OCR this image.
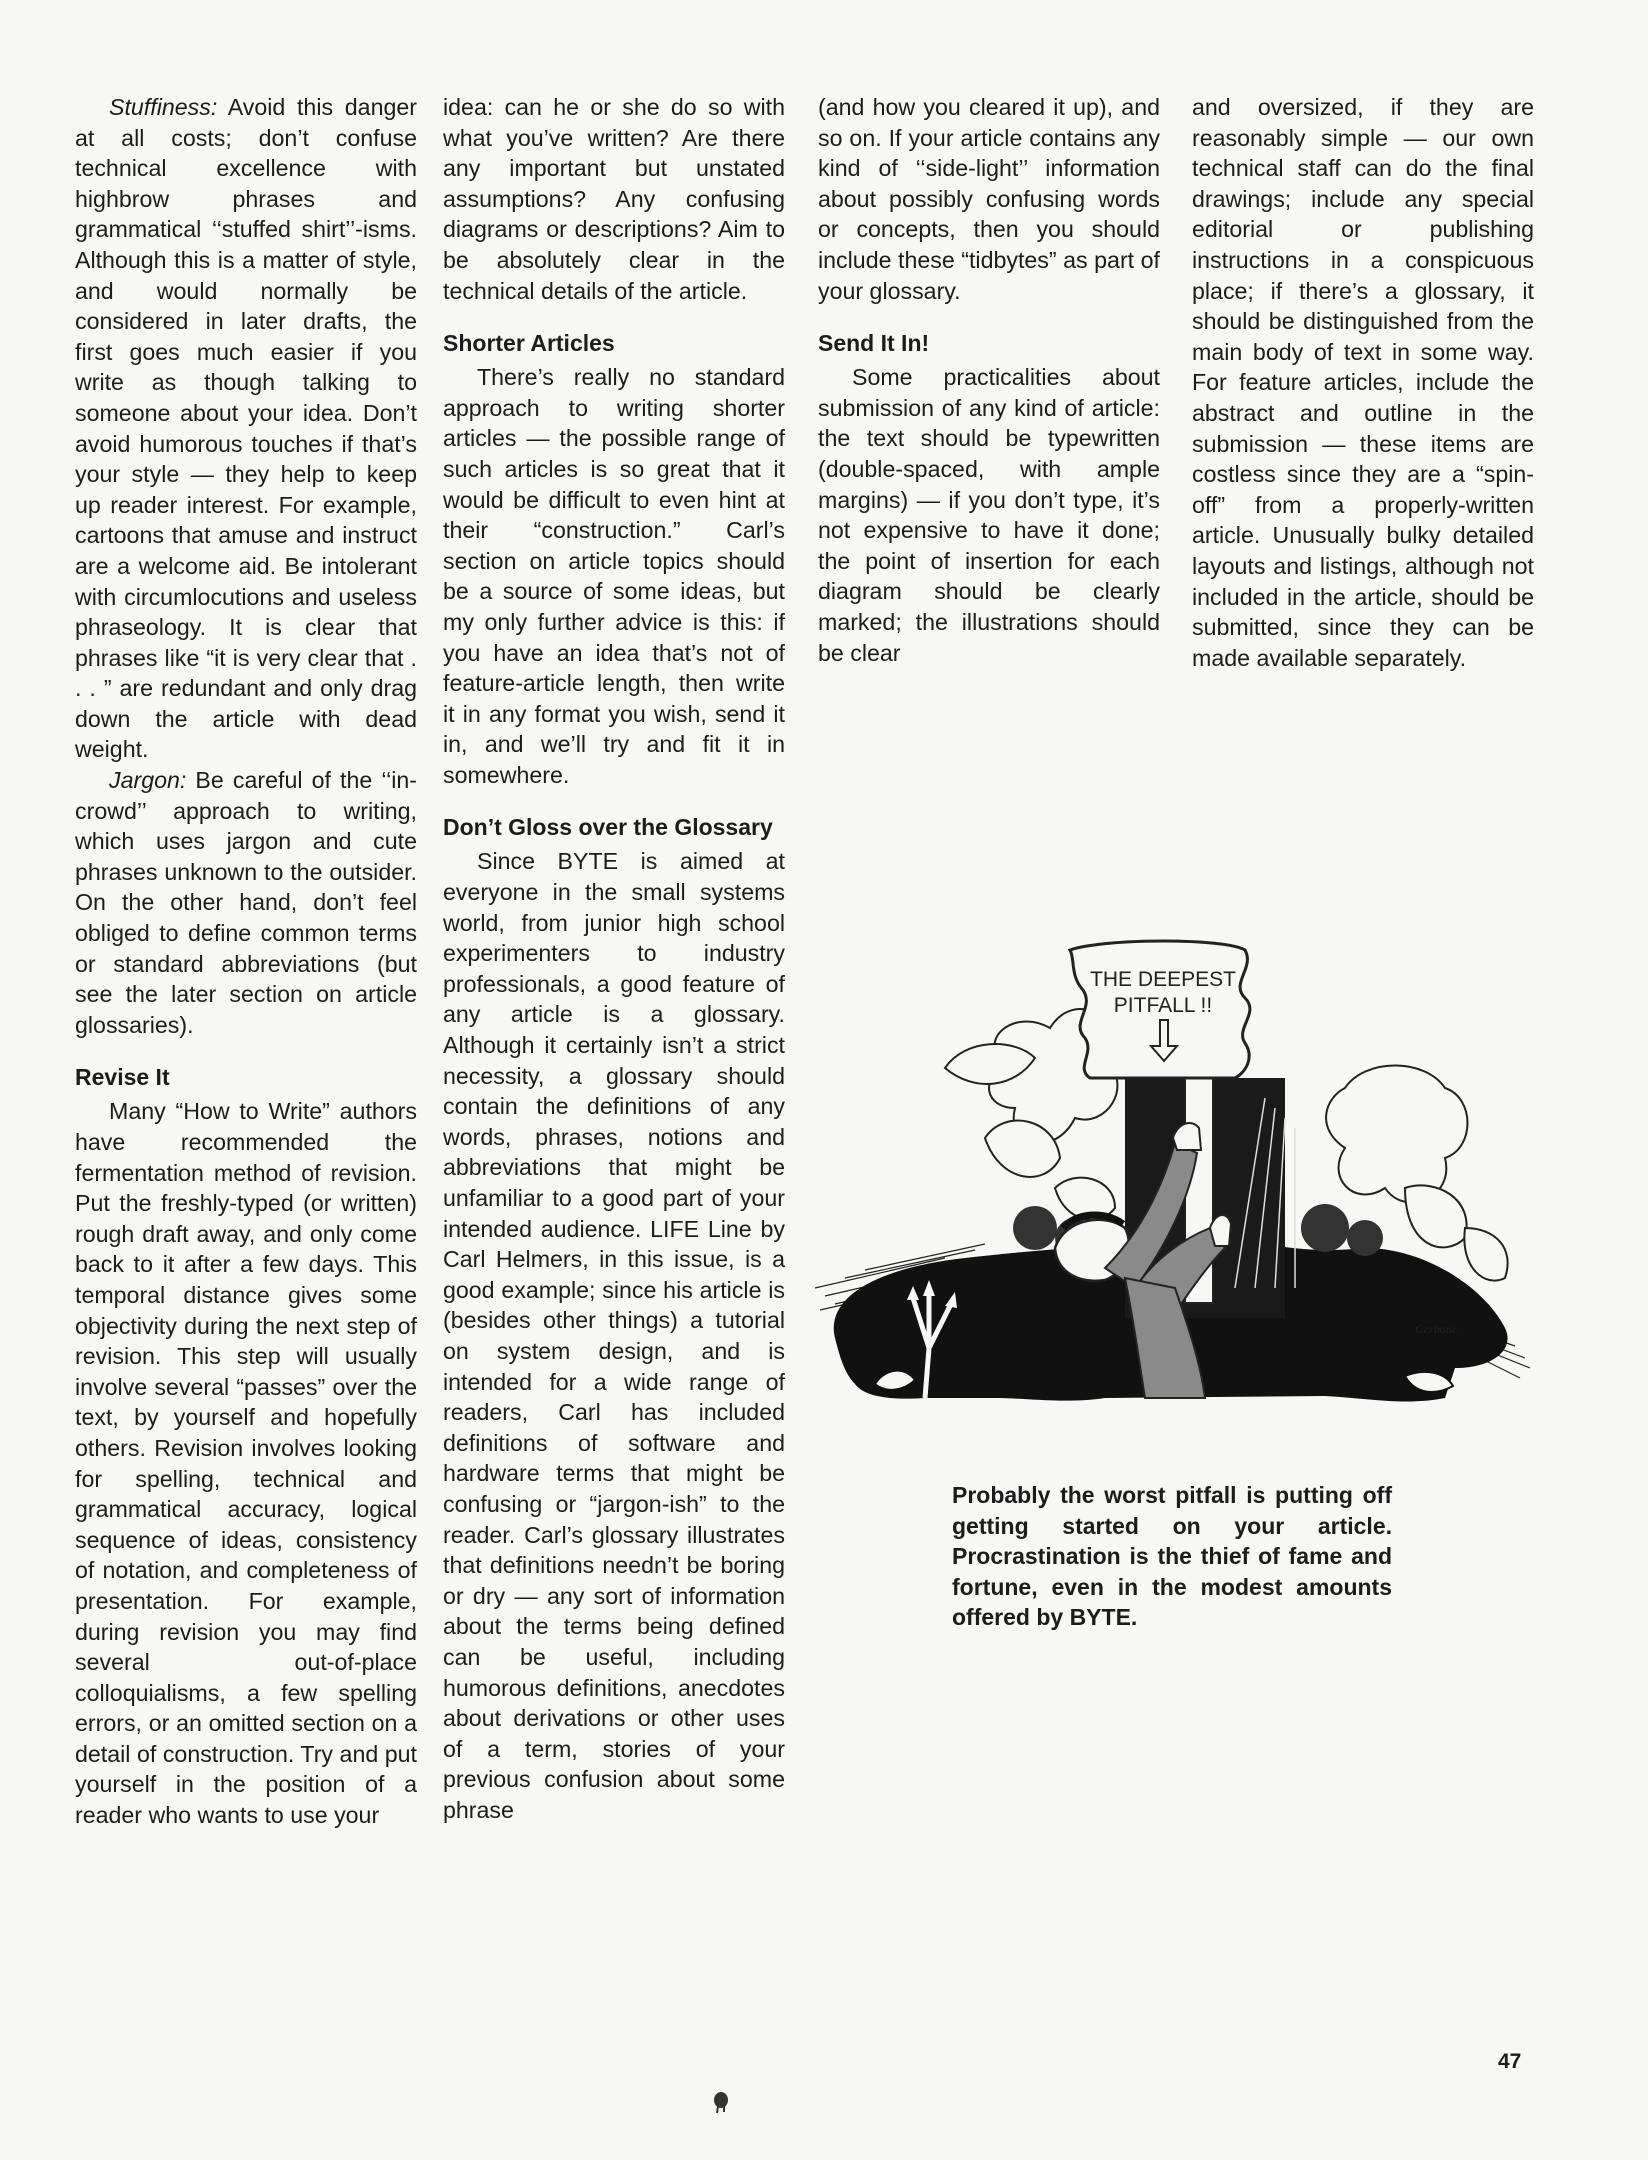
Stuffiness: Avoid this danger at all costs; don’t confuse technical excellence with highbrow phrases and grammatical ‘‘stuffed shirt’’-isms. Although this is a matter of style, and would normally be considered in later drafts, the first goes much easier if you write as though talking to someone about your idea. Don’t avoid humorous touches if that’s your style — they help to keep up reader interest. For example, cartoons that amuse and instruct are a welcome aid. Be intolerant with circumlocutions and useless phraseology. It is clear that phrases like “it is very clear that . . . ” are redundant and only drag down the article with dead weight.

Jargon: Be careful of the ‘‘in-crowd’’ approach to writing, which uses jargon and cute phrases unknown to the outsider. On the other hand, don’t feel obliged to define common terms or standard abbreviations (but see the later section on article glossaries).

Revise It

Many “How to Write” authors have recommended the fermentation method of revision. Put the freshly-typed (or written) rough draft away, and only come back to it after a few days. This temporal distance gives some objectivity during the next step of revision. This step will usually involve several “passes” over the text, by yourself and hopefully others. Revision involves looking for spelling, technical and grammatical accuracy, logical sequence of ideas, consistency of notation, and completeness of presentation. For example, during revision you may find several out-of-place colloquialisms, a few spelling errors, or an omitted section on a detail of construction. Try and put yourself in the position of a reader who wants to use your

idea: can he or she do so with what you’ve written? Are there any important but unstated assumptions? Any confusing diagrams or descriptions? Aim to be absolutely clear in the technical details of the article.

Shorter Articles

There’s really no standard approach to writing shorter articles — the possible range of such articles is so great that it would be difficult to even hint at their “construction.” Carl’s section on article topics should be a source of some ideas, but my only further advice is this: if you have an idea that’s not of feature-article length, then write it in any format you wish, send it in, and we’ll try and fit it in somewhere.

Don’t Gloss over the Glossary

Since BYTE is aimed at everyone in the small systems world, from junior high school experimenters to industry professionals, a good feature of any article is a glossary. Although it certainly isn’t a strict necessity, a glossary should contain the definitions of any words, phrases, notions and abbreviations that might be unfamiliar to a good part of your intended audience. LIFE Line by Carl Helmers, in this issue, is a good example; since his article is (besides other things) a tutorial on system design, and is intended for a wide range of readers, Carl has included definitions of software and hardware terms that might be confusing or “jargon-ish” to the reader. Carl’s glossary illustrates that definitions needn’t be boring or dry — any sort of information about the terms being defined can be useful, including humorous definitions, anecdotes about derivations or other uses of a term, stories of your previous confusion about some phrase

(and how you cleared it up), and so on. If your article contains any kind of ‘‘side-light’’ information about possibly confusing words or concepts, then you should include these “tidbytes” as part of your glossary.

Send It In!

Some practicalities about submission of any kind of article: the text should be typewritten (double-spaced, with ample margins) — if you don’t type, it’s not expensive to have it done; the point of insertion for each diagram should be clearly marked; the illustrations should be clear

and oversized, if they are reasonably simple — our own technical staff can do the final drawings; include any special editorial or publishing instructions in a conspicuous place; if there’s a glossary, it should be distinguished from the main body of text in some way. For feature articles, include the abstract and outline in the submission — these items are costless since they are a “spin-off” from a properly-written article. Unusually bulky detailed layouts and listings, although not included in the article, should be submitted, since they can be made available separately.

THE DEEPEST
PITFALL !!
Gerbone
Probably the worst pitfall is putting off getting started on your article. Procrastination is the thief of fame and fortune, even in the modest amounts offered by BYTE.
47
